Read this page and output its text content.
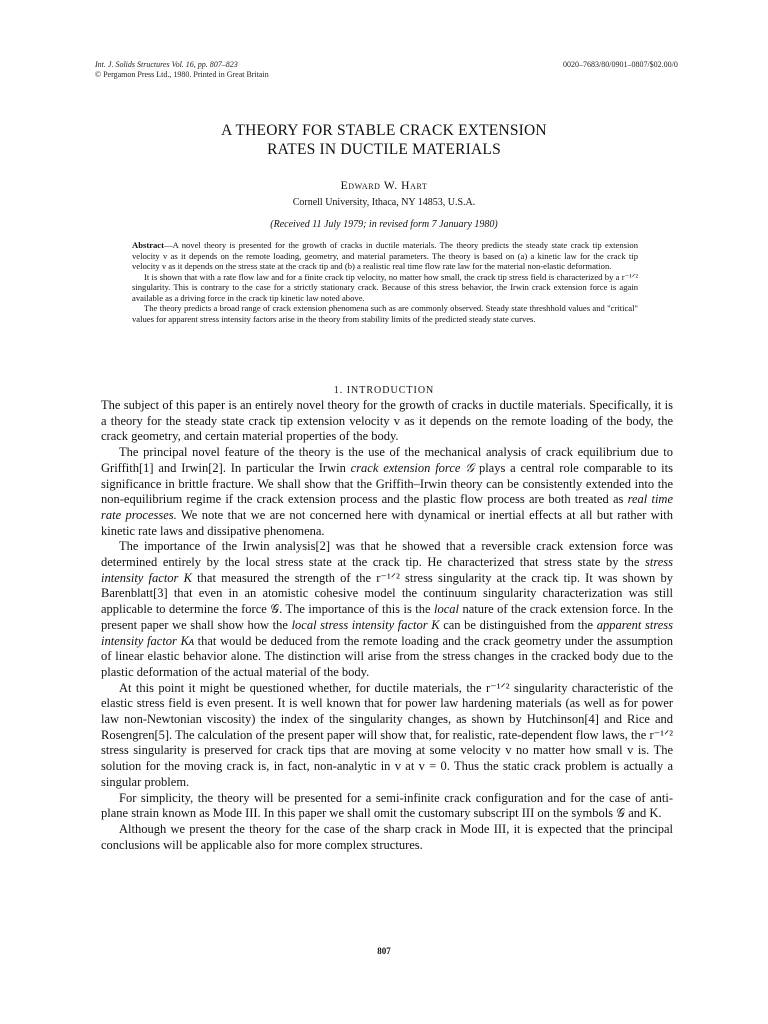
Int. J. Solids Structures Vol. 16, pp. 807–823
© Pergamon Press Ltd., 1980. Printed in Great Britain
0020–7683/80/0901–0807/$02.00/0
A THEORY FOR STABLE CRACK EXTENSION
RATES IN DUCTILE MATERIALS
Edward W. Hart
Cornell University, Ithaca, NY 14853, U.S.A.
(Received 11 July 1979; in revised form 7 January 1980)

Abstract—A novel theory is presented for the growth of cracks in ductile materials. The theory predicts the steady state crack tip extension velocity v as it depends on the remote loading, geometry, and material parameters. The theory is based on (a) a kinetic law for the crack tip velocity v as it depends on the stress state at the crack tip and (b) a realistic real time flow rate law for the material non-elastic deformation.

It is shown that with a rate flow law and for a finite crack tip velocity, no matter how small, the crack tip stress field is characterized by a r⁻¹ᐟ² singularity. This is contrary to the case for a strictly stationary crack. Because of this stress behavior, the Irwin crack extension force is again available as a driving force in the crack tip kinetic law noted above.

The theory predicts a broad range of crack extension phenomena such as are commonly observed. Steady state threshhold values and "critical" values for apparent stress intensity factors arise in the theory from stability limits of the predicted steady state curves.

1. INTRODUCTION

The subject of this paper is an entirely novel theory for the growth of cracks in ductile materials. Specifically, it is a theory for the steady state crack tip extension velocity v as it depends on the remote loading of the body, the crack geometry, and certain material properties of the body.

The principal novel feature of the theory is the use of the mechanical analysis of crack equilibrium due to Griffith[1] and Irwin[2]. In particular the Irwin crack extension force 𝒢 plays a central role comparable to its significance in brittle fracture. We shall show that the Griffith–Irwin theory can be consistently extended into the non-equilibrium regime if the crack extension process and the plastic flow process are both treated as real time rate processes. We note that we are not concerned here with dynamical or inertial effects at all but rather with kinetic rate laws and dissipative phenomena.

The importance of the Irwin analysis[2] was that he showed that a reversible crack extension force was determined entirely by the local stress state at the crack tip. He characterized that stress state by the stress intensity factor K that measured the strength of the r⁻¹ᐟ² stress singularity at the crack tip. It was shown by Barenblatt[3] that even in an atomistic cohesive model the continuum singularity characterization was still applicable to determine the force 𝒢. The importance of this is the local nature of the crack extension force. In the present paper we shall show how the local stress intensity factor K can be distinguished from the apparent stress intensity factor Kᴀ that would be deduced from the remote loading and the crack geometry under the assumption of linear elastic behavior alone. The distinction will arise from the stress changes in the cracked body due to the plastic deformation of the actual material of the body.

At this point it might be questioned whether, for ductile materials, the r⁻¹ᐟ² singularity characteristic of the elastic stress field is even present. It is well known that for power law hardening materials (as well as for power law non-Newtonian viscosity) the index of the singularity changes, as shown by Hutchinson[4] and Rice and Rosengren[5]. The calculation of the present paper will show that, for realistic, rate-dependent flow laws, the r⁻¹ᐟ² stress singularity is preserved for crack tips that are moving at some velocity v no matter how small v is. The solution for the moving crack is, in fact, non-analytic in v at v = 0. Thus the static crack problem is actually a singular problem.

For simplicity, the theory will be presented for a semi-infinite crack configuration and for the case of anti-plane strain known as Mode III. In this paper we shall omit the customary subscript III on the symbols 𝒢 and K.

Although we present the theory for the case of the sharp crack in Mode III, it is expected that the principal conclusions will be applicable also for more complex structures.

807
